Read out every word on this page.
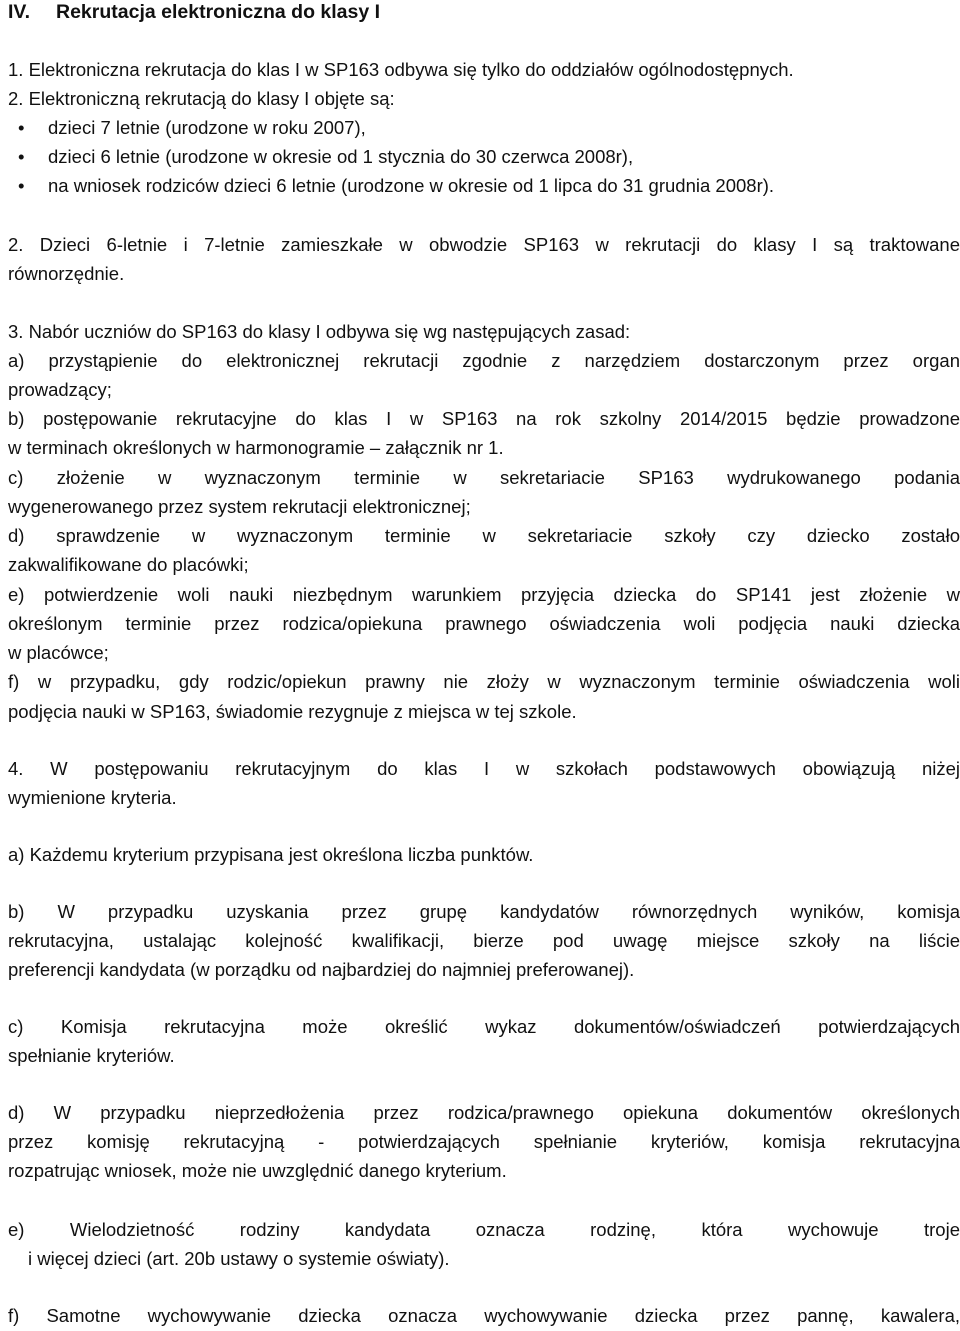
IV. Rekrutacja elektroniczna do klasy I
1. Elektroniczna rekrutacja do klas I w SP163 odbywa się tylko do oddziałów ogólnodostępnych.
2. Elektroniczną rekrutacją do klasy I objęte są:
• dzieci 7 letnie (urodzone w roku 2007),
• dzieci 6 letnie (urodzone w okresie od 1 stycznia do 30 czerwca 2008r),
• na wniosek rodziców dzieci 6 letnie (urodzone w okresie od 1 lipca do 31 grudnia 2008r).
2. Dzieci 6-letnie i 7-letnie zamieszkałe w obwodzie SP163 w rekrutacji do klasy I są traktowane
równorzędnie.
3. Nabór uczniów do SP163 do klasy I odbywa się wg następujących zasad:
a) przystąpienie do elektronicznej rekrutacji zgodnie z narzędziem dostarczonym przez organ
prowadzący;
b) postępowanie rekrutacyjne do klas I w SP163 na rok szkolny 2014/2015 będzie prowadzone
w terminach określonych w harmonogramie – załącznik nr 1.
c) złożenie w wyznaczonym terminie w sekretariacie SP163 wydrukowanego podania
wygenerowanego przez system rekrutacji elektronicznej;
d) sprawdzenie w wyznaczonym terminie w sekretariacie szkoły czy dziecko zostało
zakwalifikowane do placówki;
e) potwierdzenie woli nauki niezbędnym warunkiem przyjęcia dziecka do SP141 jest złożenie w
określonym terminie przez rodzica/opiekuna prawnego oświadczenia woli podjęcia nauki dziecka
w placówce;
f) w przypadku, gdy rodzic/opiekun prawny nie złoży w wyznaczonym terminie oświadczenia woli
podjęcia nauki w SP163, świadomie rezygnuje z miejsca w tej szkole.
4. W postępowaniu rekrutacyjnym do klas I w szkołach podstawowych obowiązują niżej
wymienione kryteria.
a) Każdemu kryterium przypisana jest określona liczba punktów.
b) W przypadku uzyskania przez grupę kandydatów równorzędnych wyników, komisja
rekrutacyjna, ustalając kolejność kwalifikacji, bierze pod uwagę miejsce szkoły na liście
preferencji kandydata (w porządku od najbardziej do najmniej preferowanej).
c) Komisja rekrutacyjna może określić wykaz dokumentów/oświadczeń potwierdzających
spełnianie kryteriów.
d) W przypadku nieprzedłożenia przez rodzica/prawnego opiekuna dokumentów określonych
przez komisję rekrutacyjną - potwierdzających spełnianie kryteriów, komisja rekrutacyjna
rozpatrując wniosek, może nie uwzględnić danego kryterium.
e) Wielodzietność rodziny kandydata oznacza rodzinę, która wychowuje troje
i więcej dzieci (art. 20b ustawy o systemie oświaty).
f) Samotne wychowywanie dziecka oznacza wychowywanie dziecka przez pannę, kawalera,
